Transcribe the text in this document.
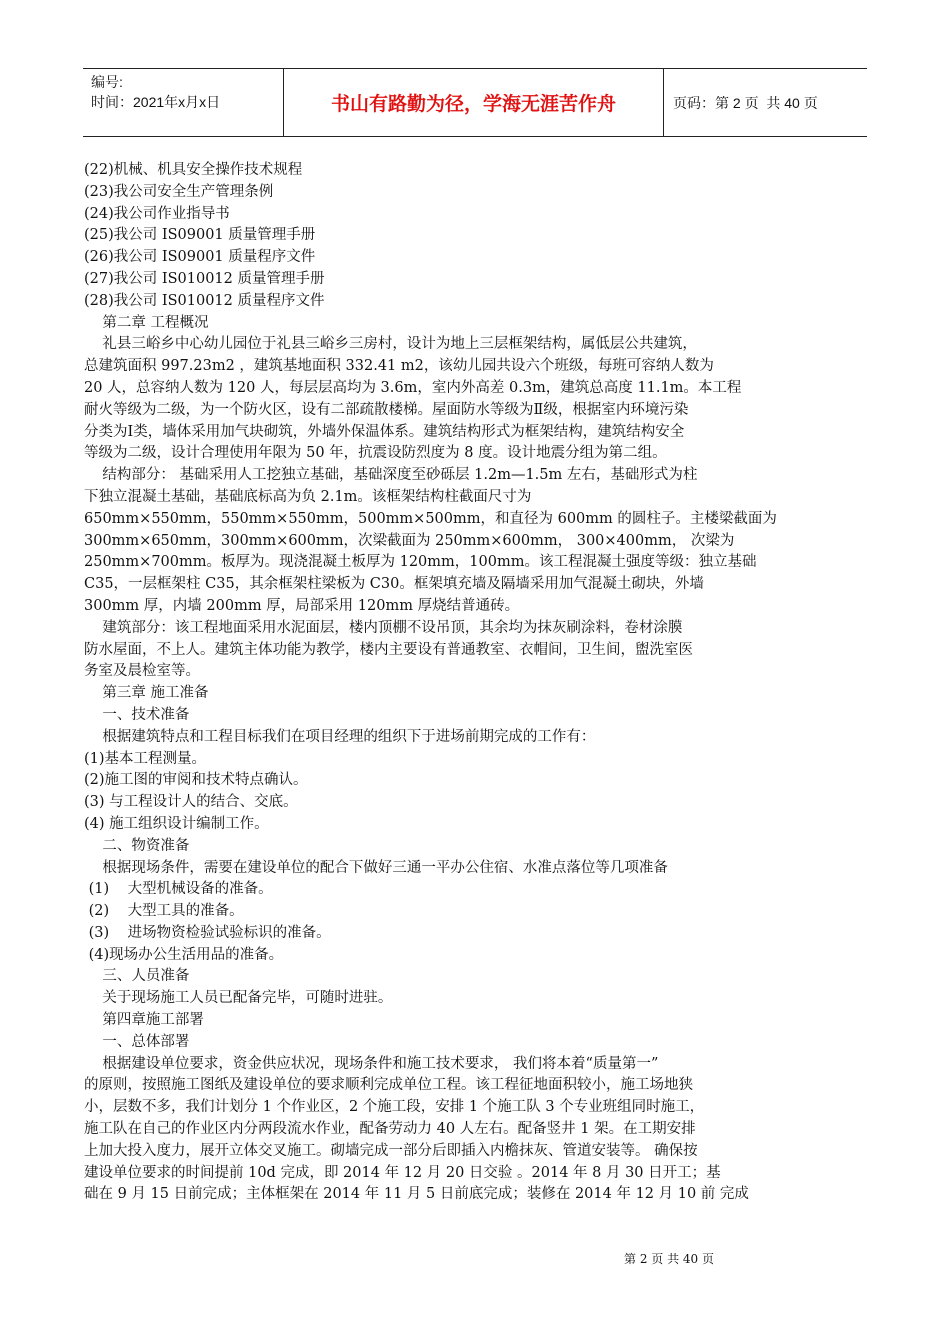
编号:
时间：2021年x月x日	书山有路勤为径，学海无涯苦作舟	页码：第 2 页  共 40 页

(22)机械、机具安全操作技术规程

(23)我公司安全生产管理条例

(24)我公司作业指导书

(25)我公司 IS09001 质量管理手册

(26)我公司 IS09001 质量程序文件

(27)我公司 IS010012 质量管理手册

(28)我公司 IS010012 质量程序文件

第二章 工程概况

礼县三峪乡中心幼儿园位于礼县三峪乡三房村，设计为地上三层框架结构，属低层公共建筑，

总建筑面积 997.23m2 ，建筑基地面积 332.41 m2，该幼儿园共设六个班级，每班可容纳人数为

20 人，总容纳人数为 120 人，每层层高均为 3.6m，室内外高差 0.3m，建筑总高度 11.1m。本工程

耐火等级为二级，为一个防火区，设有二部疏散楼梯。屋面防水等级为Ⅱ级，根据室内环境污染

分类为Ⅰ类，墙体采用加气块砌筑，外墙外保温体系。建筑结构形式为框架结构，建筑结构安全

等级为二级，设计合理使用年限为 50 年，抗震设防烈度为 8 度。设计地震分组为第二组。

结构部分： 基础采用人工挖独立基础，基础深度至砂砾层 1.2m—1.5m 左右，基础形式为柱

下独立混凝土基础，基础底标高为负 2.1m。该框架结构柱截面尺寸为

650mm×550mm，550mm×550mm，500mm×500mm，和直径为 600mm 的圆柱子。主楼梁截面为

300mm×650mm，300mm×600mm，次梁截面为 250mm×600mm， 300×400mm， 次梁为

250mm×700mm。板厚为。现浇混凝土板厚为 120mm，100mm。该工程混凝土强度等级：独立基础

C35，一层框架柱 C35，其余框架柱梁板为 C30。框架填充墙及隔墙采用加气混凝土砌块，外墙

300mm 厚，内墙 200mm 厚，局部采用 120mm 厚烧结普通砖。

建筑部分：该工程地面采用水泥面层，楼内顶棚不设吊顶，其余均为抹灰刷涂料，卷材涂膜

防水屋面，不上人。建筑主体功能为教学，楼内主要设有普通教室、衣帽间，卫生间，盥洗室医

务室及晨检室等。

第三章 施工准备

一、技术准备

根据建筑特点和工程目标我们在项目经理的组织下于进场前期完成的工作有：

(1)基本工程测量。

(2)施工图的审阅和技术特点确认。

(3) 与工程设计人的结合、交底。

(4) 施工组织设计编制工作。

二、物资准备

根据现场条件，需要在建设单位的配合下做好三通一平办公住宿、水准点落位等几项准备

(1)    大型机械设备的准备。

(2)    大型工具的准备。

(3)    进场物资检验试验标识的准备。

(4)现场办公生活用品的准备。

三、人员准备

关于现场施工人员已配备完毕，可随时进驻。

第四章施工部署

一、总体部署

根据建设单位要求，资金供应状况，现场条件和施工技术要求， 我们将本着“质量第一”

的原则，按照施工图纸及建设单位的要求顺利完成单位工程。该工程征地面积较小，施工场地狭

小，层数不多，我们计划分 1 个作业区，2 个施工段，安排 1 个施工队 3 个专业班组同时施工，

施工队在自己的作业区内分两段流水作业，配备劳动力 40 人左右。配备竖井 1 架。在工期安排

上加大投入度力，展开立体交叉施工。砌墙完成一部分后即插入内檐抹灰、管道安装等。 确保按

建设单位要求的时间提前 10d 完成，即 2014 年 12 月 20 日交验 。2014 年 8 月 30 日开工；基

础在 9 月 15 日前完成；主体框架在 2014 年 11 月 5 日前底完成；装修在 2014 年 12 月 10 前 完成

第 2 页 共 40 页
